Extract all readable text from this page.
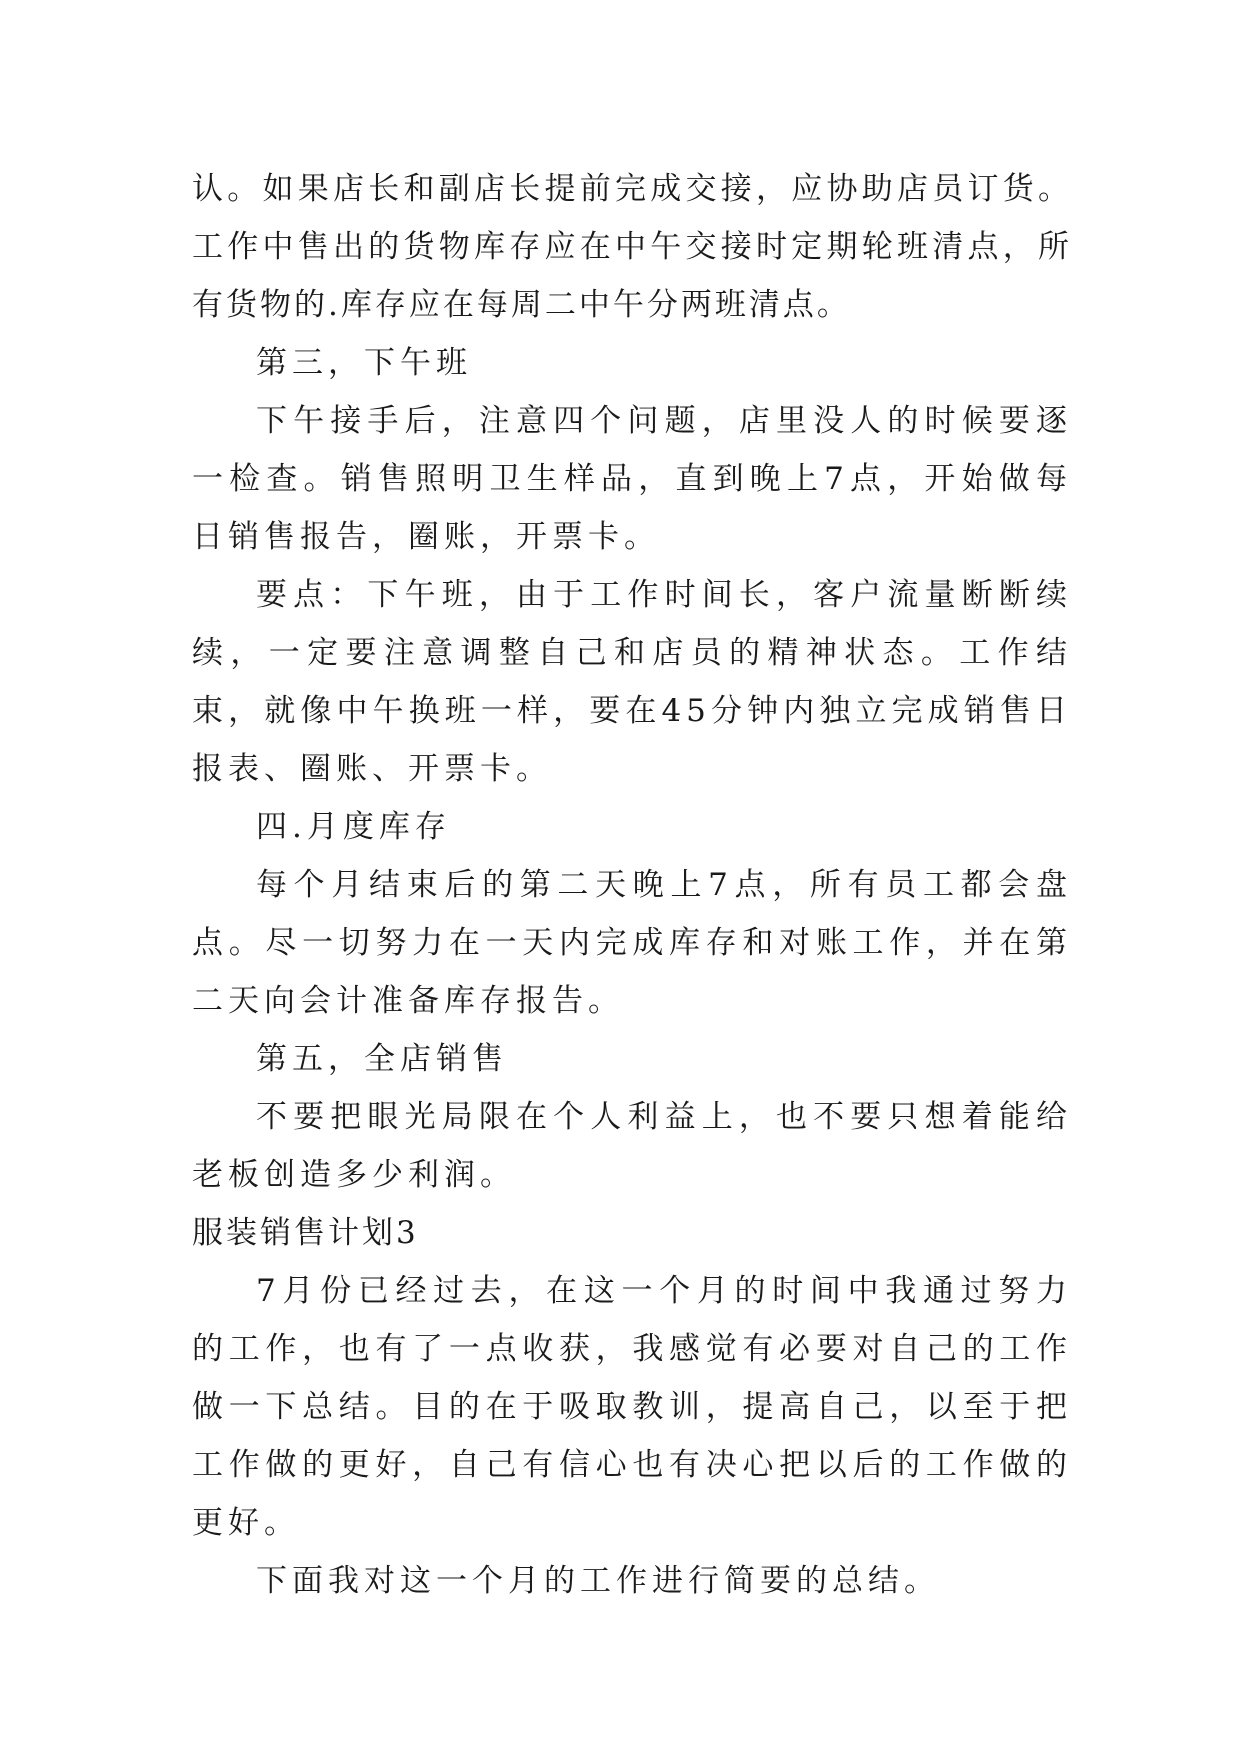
认。如果店长和副店长提前完成交接，应协助店员订货。工作中售出的货物库存应在中午交接时定期轮班清点，所有货物的.库存应在每周二中午分两班清点。

第三，下午班

下午接手后，注意四个问题，店里没人的时候要逐一检查。销售照明卫生样品，直到晚上7点，开始做每日销售报告，圈账，开票卡。

要点：下午班，由于工作时间长，客户流量断断续续，一定要注意调整自己和店员的精神状态。工作结束，就像中午换班一样，要在45分钟内独立完成销售日报表、圈账、开票卡。

四.月度库存

每个月结束后的第二天晚上7点，所有员工都会盘点。尽一切努力在一天内完成库存和对账工作，并在第二天向会计准备库存报告。

第五，全店销售

不要把眼光局限在个人利益上，也不要只想着能给老板创造多少利润。

服装销售计划3

7月份已经过去，在这一个月的时间中我通过努力的工作，也有了一点收获，我感觉有必要对自己的工作做一下总结。目的在于吸取教训，提高自己，以至于把工作做的更好，自己有信心也有决心把以后的工作做的更好。

下面我对这一个月的工作进行简要的总结。
